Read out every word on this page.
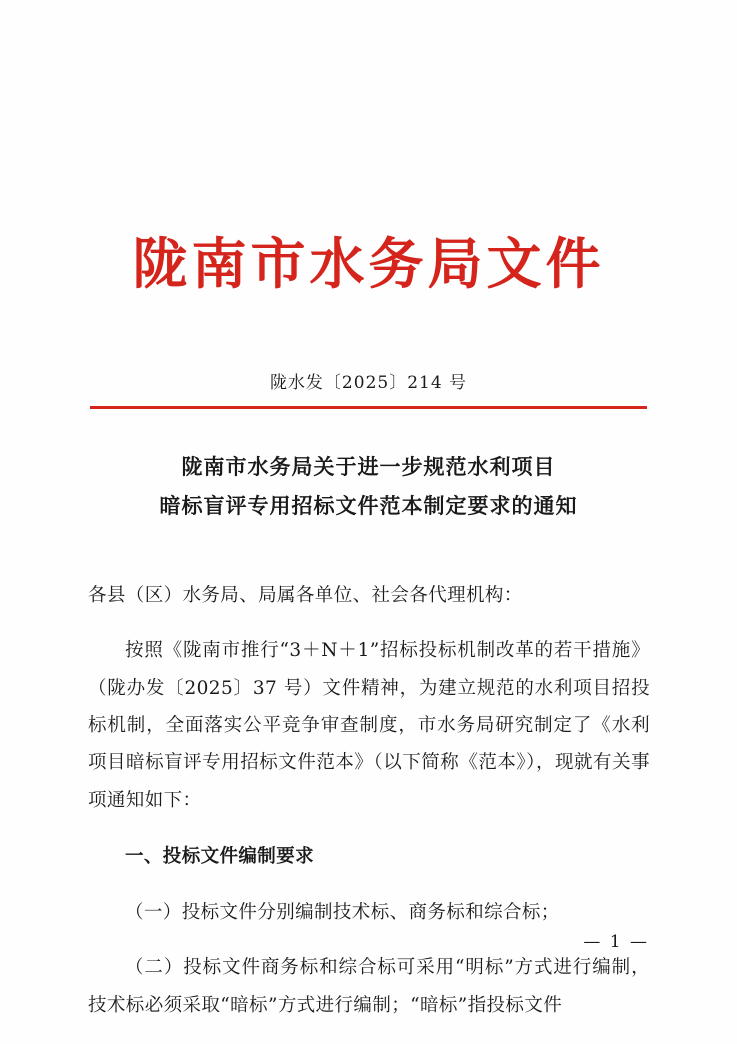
陇南市水务局文件
陇水发〔2025〕214 号
陇南市水务局关于进一步规范水利项目
暗标盲评专用招标文件范本制定要求的通知

各县（区）水务局、局属各单位、社会各代理机构：

按照《陇南市推行“3＋N＋1”招标投标机制改革的若干措施》（陇办发〔2025〕37 号）文件精神，为建立规范的水利项目招投标机制，全面落实公平竞争审查制度，市水务局研究制定了《水利项目暗标盲评专用招标文件范本》（以下简称《范本》），现就有关事项通知如下：

一、投标文件编制要求

（一）投标文件分别编制技术标、商务标和综合标；

（二）投标文件商务标和综合标可采用“明标”方式进行编制，技术标必须采取“暗标”方式进行编制；“暗标”指投标文件

— 1 —
